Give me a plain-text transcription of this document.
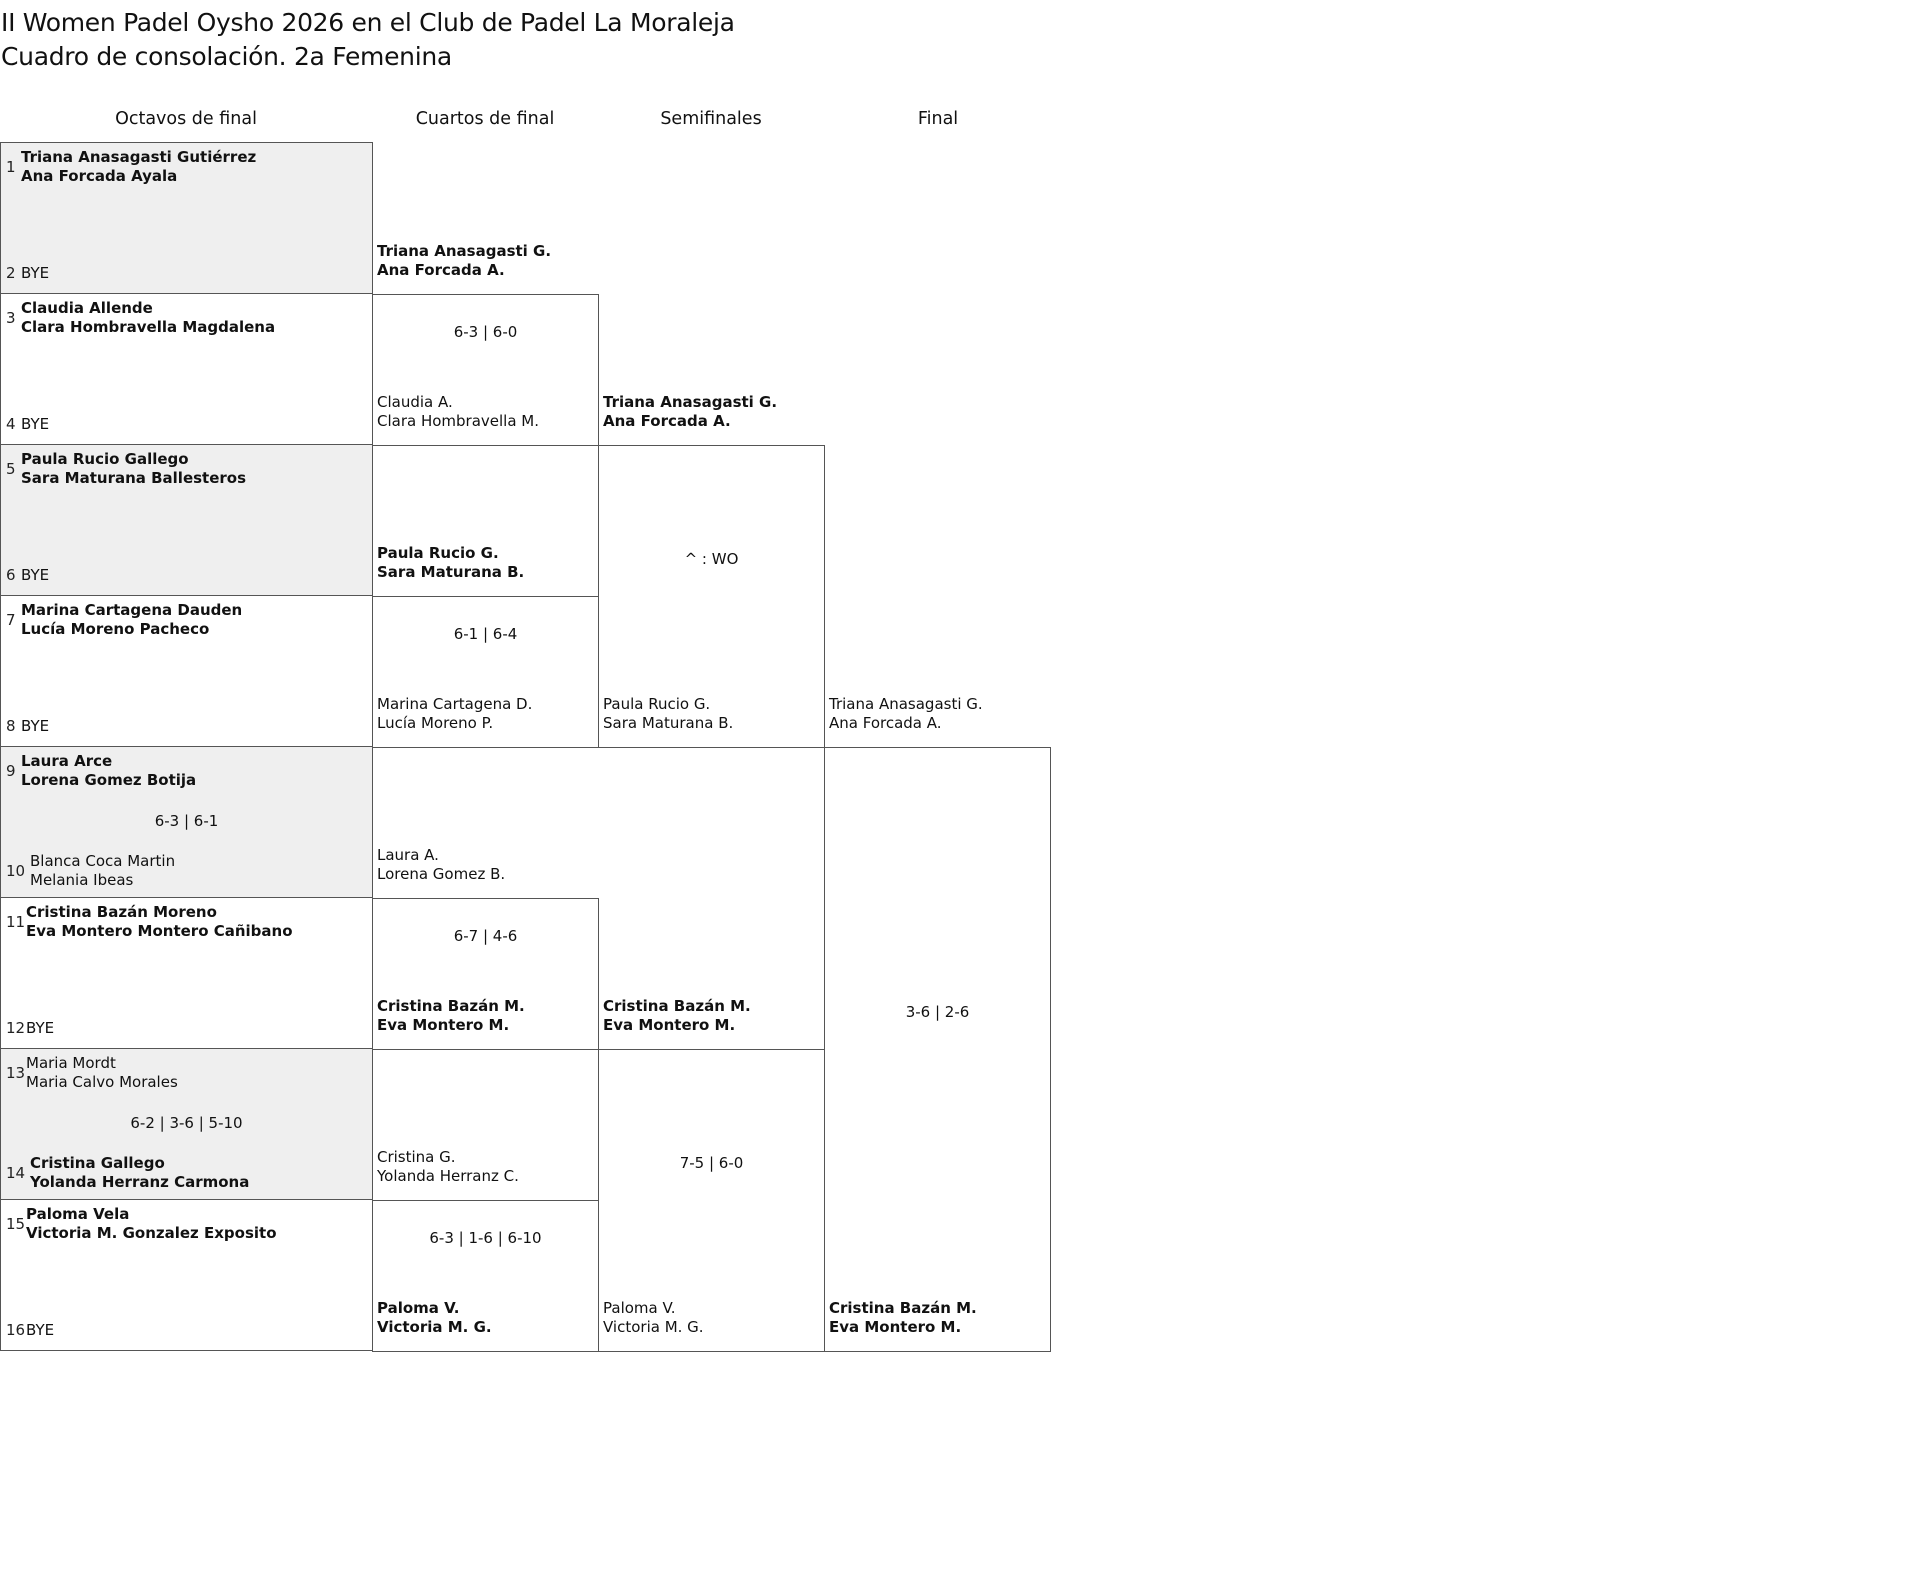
II Women Padel Oysho 2026 en el Club de Padel La Moraleja
Cuadro de consolación. 2a Femenina
Octavos de final	Cuartos de final	Semifinales	Final
1
Triana Anasagasti Gutiérrez
Ana Forcada Ayala
2 BYE
3
Claudia Allende
Clara Hombravella Magdalena
4 BYE
5
Paula Rucio Gallego
Sara Maturana Ballesteros
6 BYE
7
Marina Cartagena Dauden
Lucía Moreno Pacheco
8 BYE
9
Laura Arce
Lorena Gomez Botija
10
Blanca Coca Martin
Melania Ibeas
6-3 | 6-1
11
Cristina Bazán Moreno
Eva Montero Montero Cañibano
12 BYE
13
Maria Mordt
Maria Calvo Morales
14
Cristina Gallego
Yolanda Herranz Carmona
6-2 | 3-6 | 5-10
15
Paloma Vela
Victoria M. Gonzalez Exposito
16 BYE
Triana Anasagasti G.
Ana Forcada A.
Claudia A.
Clara Hombravella M.
6-3 | 6-0
Paula Rucio G.
Sara Maturana B.
Marina Cartagena D.
Lucía Moreno P.
6-1 | 6-4
Laura A.
Lorena Gomez B.
Cristina Bazán M.
Eva Montero M.
6-7 | 4-6
Cristina G.
Yolanda Herranz C.
Paloma V.
Victoria M. G.
6-3 | 1-6 | 6-10
Triana Anasagasti G.
Ana Forcada A.
Paula Rucio G.
Sara Maturana B.
^ : WO
Cristina Bazán M.
Eva Montero M.
Paloma V.
Victoria M. G.
7-5 | 6-0
Triana Anasagasti G.
Ana Forcada A.
Cristina Bazán M.
Eva Montero M.
3-6 | 2-6
